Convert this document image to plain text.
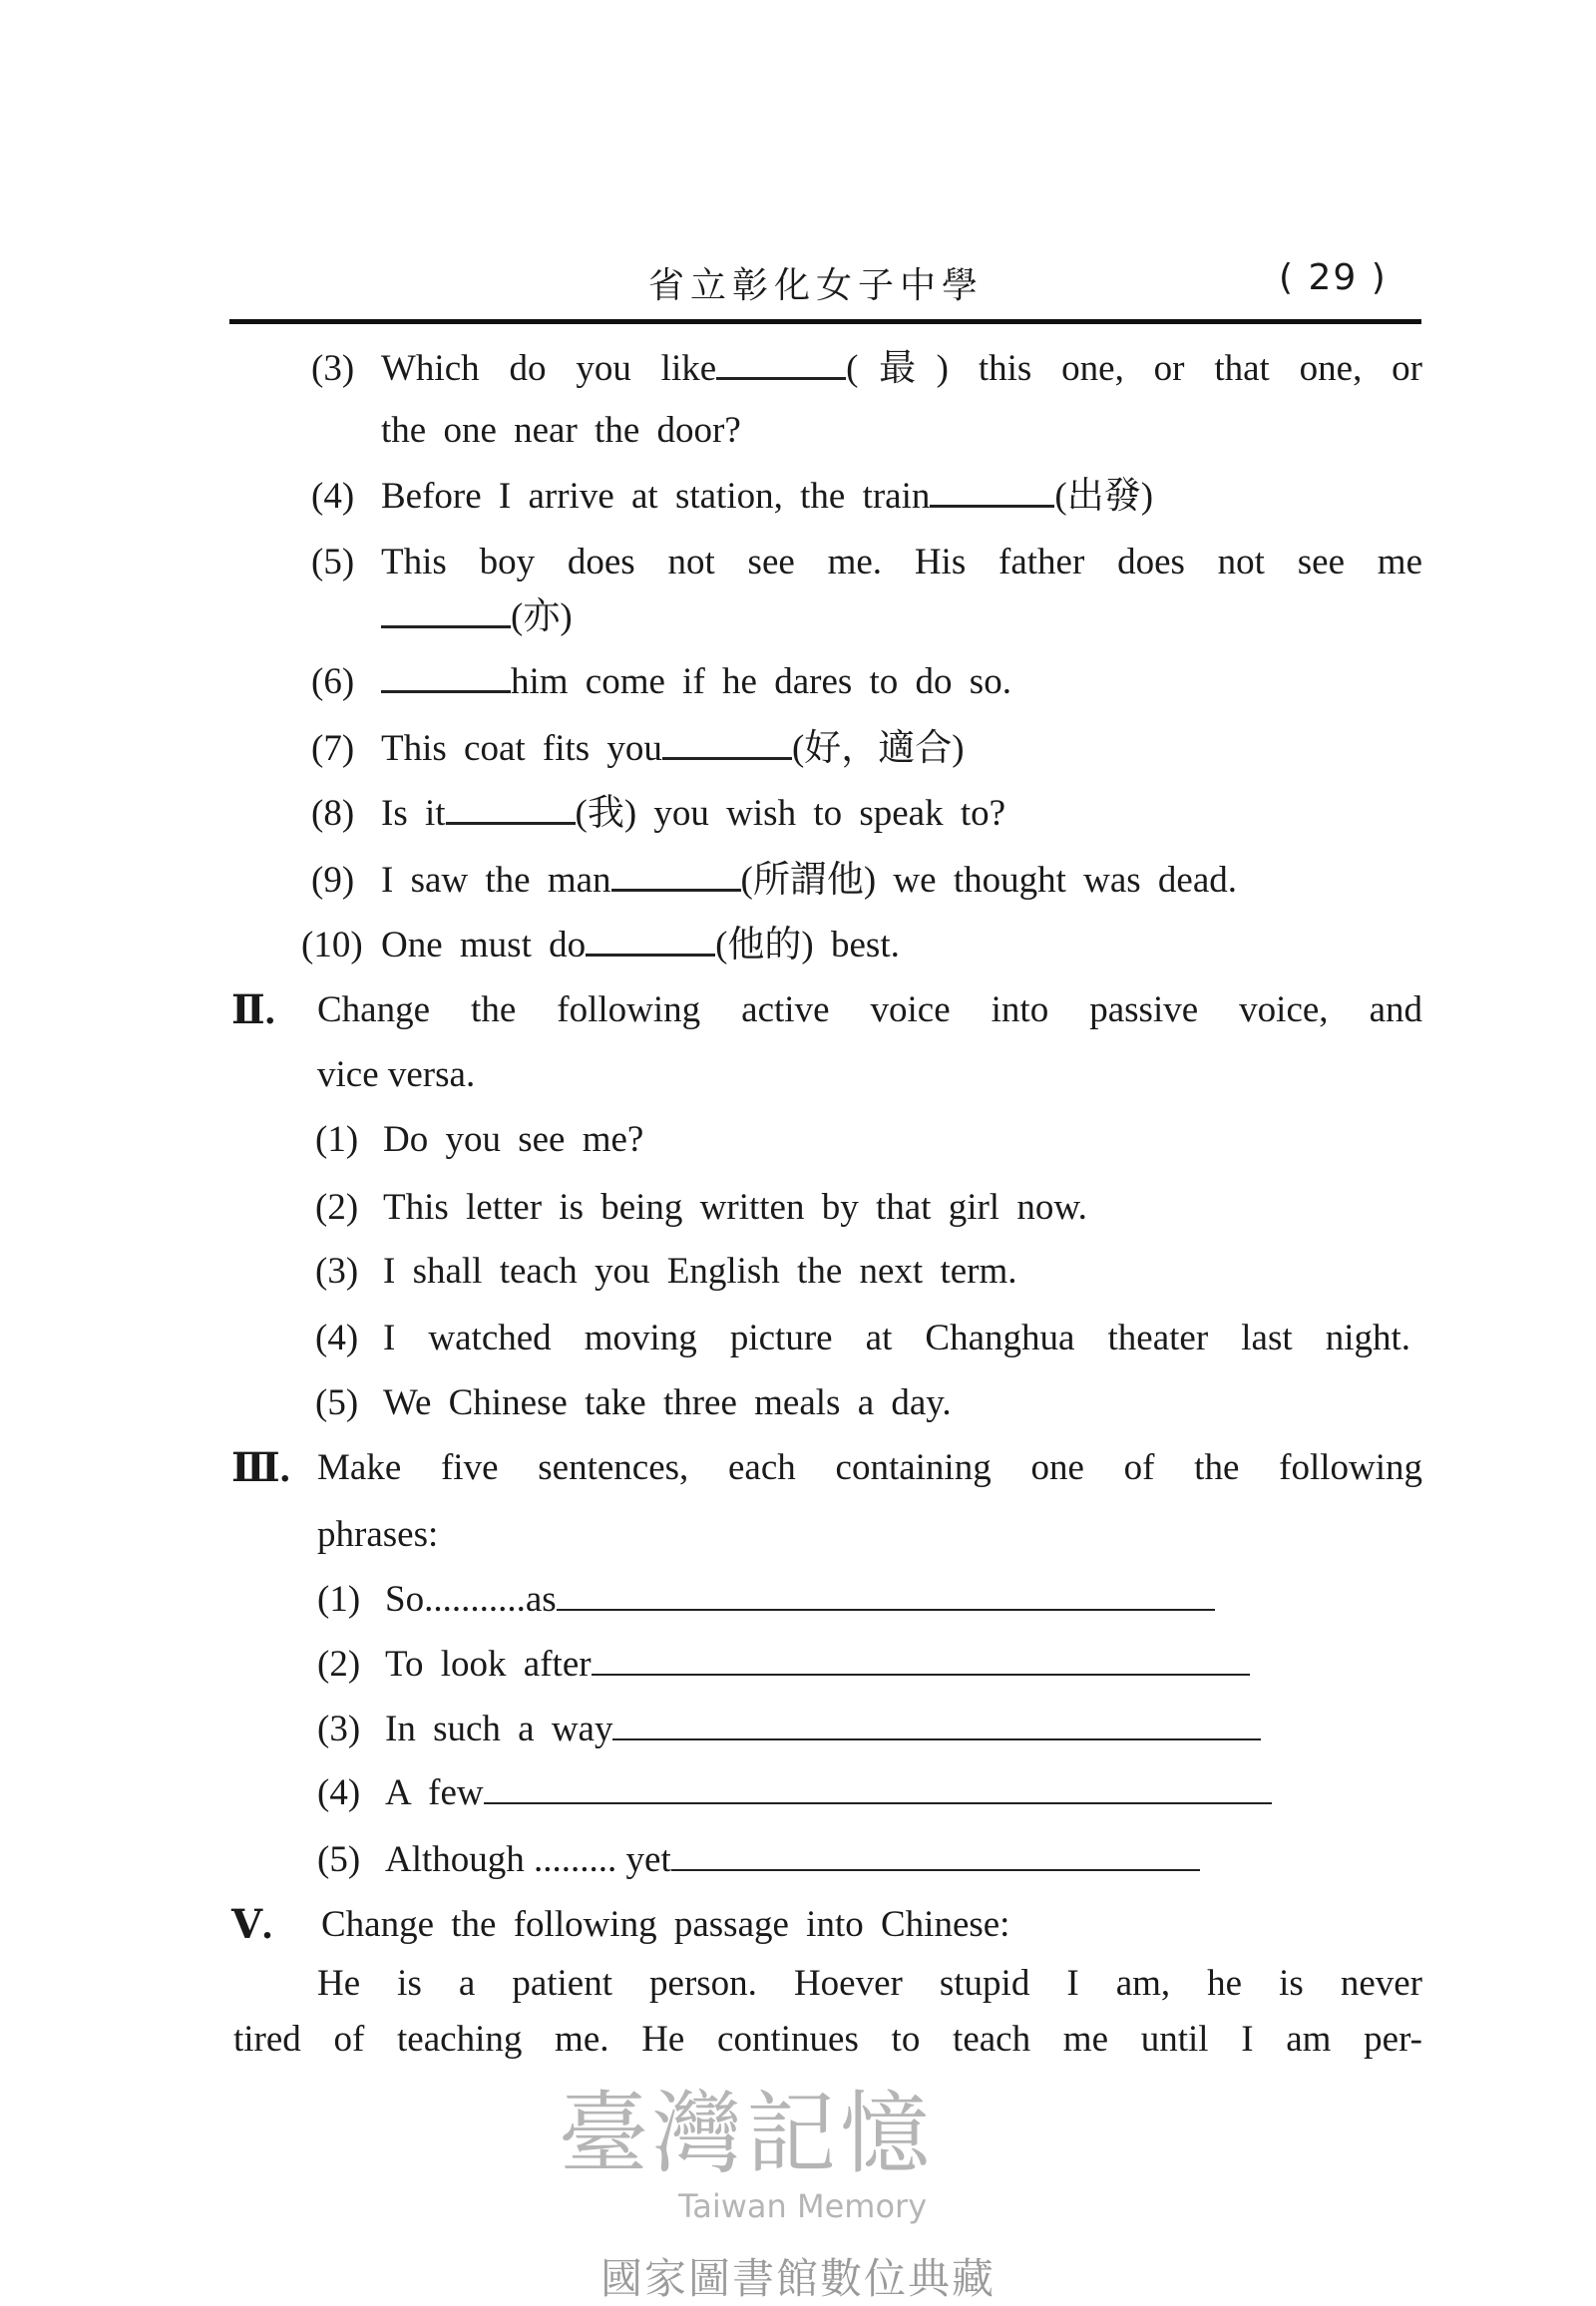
省立彰化女子中學	( 29 )
(3) Which do you like	(最) this one, or that one, or
the one near the door?
(4) Before I arrive at station, the train	(出發)
(5) This boy does not see me. His father does not see me
(亦)
(6)	him come if he dares to do so.
(7) This coat fits you	(好，適合)
(8) Is it	(我) you wish to speak to?
(9) I saw the man	(所謂他) we thought was dead.
(10) One must do	(他的) best.
Ⅱ. Change the following active voice into passive voice, and
vice versa.
(1) Do you see me?
(2) This letter is being written by that girl now.
(3) I shall teach you English the next term.
(4) I watched moving picture at Changhua theater last night.
(5) We Chinese take three meals a day.
Ⅲ. Make five sentences, each containing one of the following
phrases:
(1) So...........as
(2) To look after
(3) In such a way
(4) A  few
(5) Although ......... yet
Ⅴ. Change the following passage into Chinese:
He is a patient person. Hoever stupid I am, he is never
tired of teaching me. He continues to teach me until I am per-
臺灣記憶
Taiwan Memory
國家圖書館數位典藏
